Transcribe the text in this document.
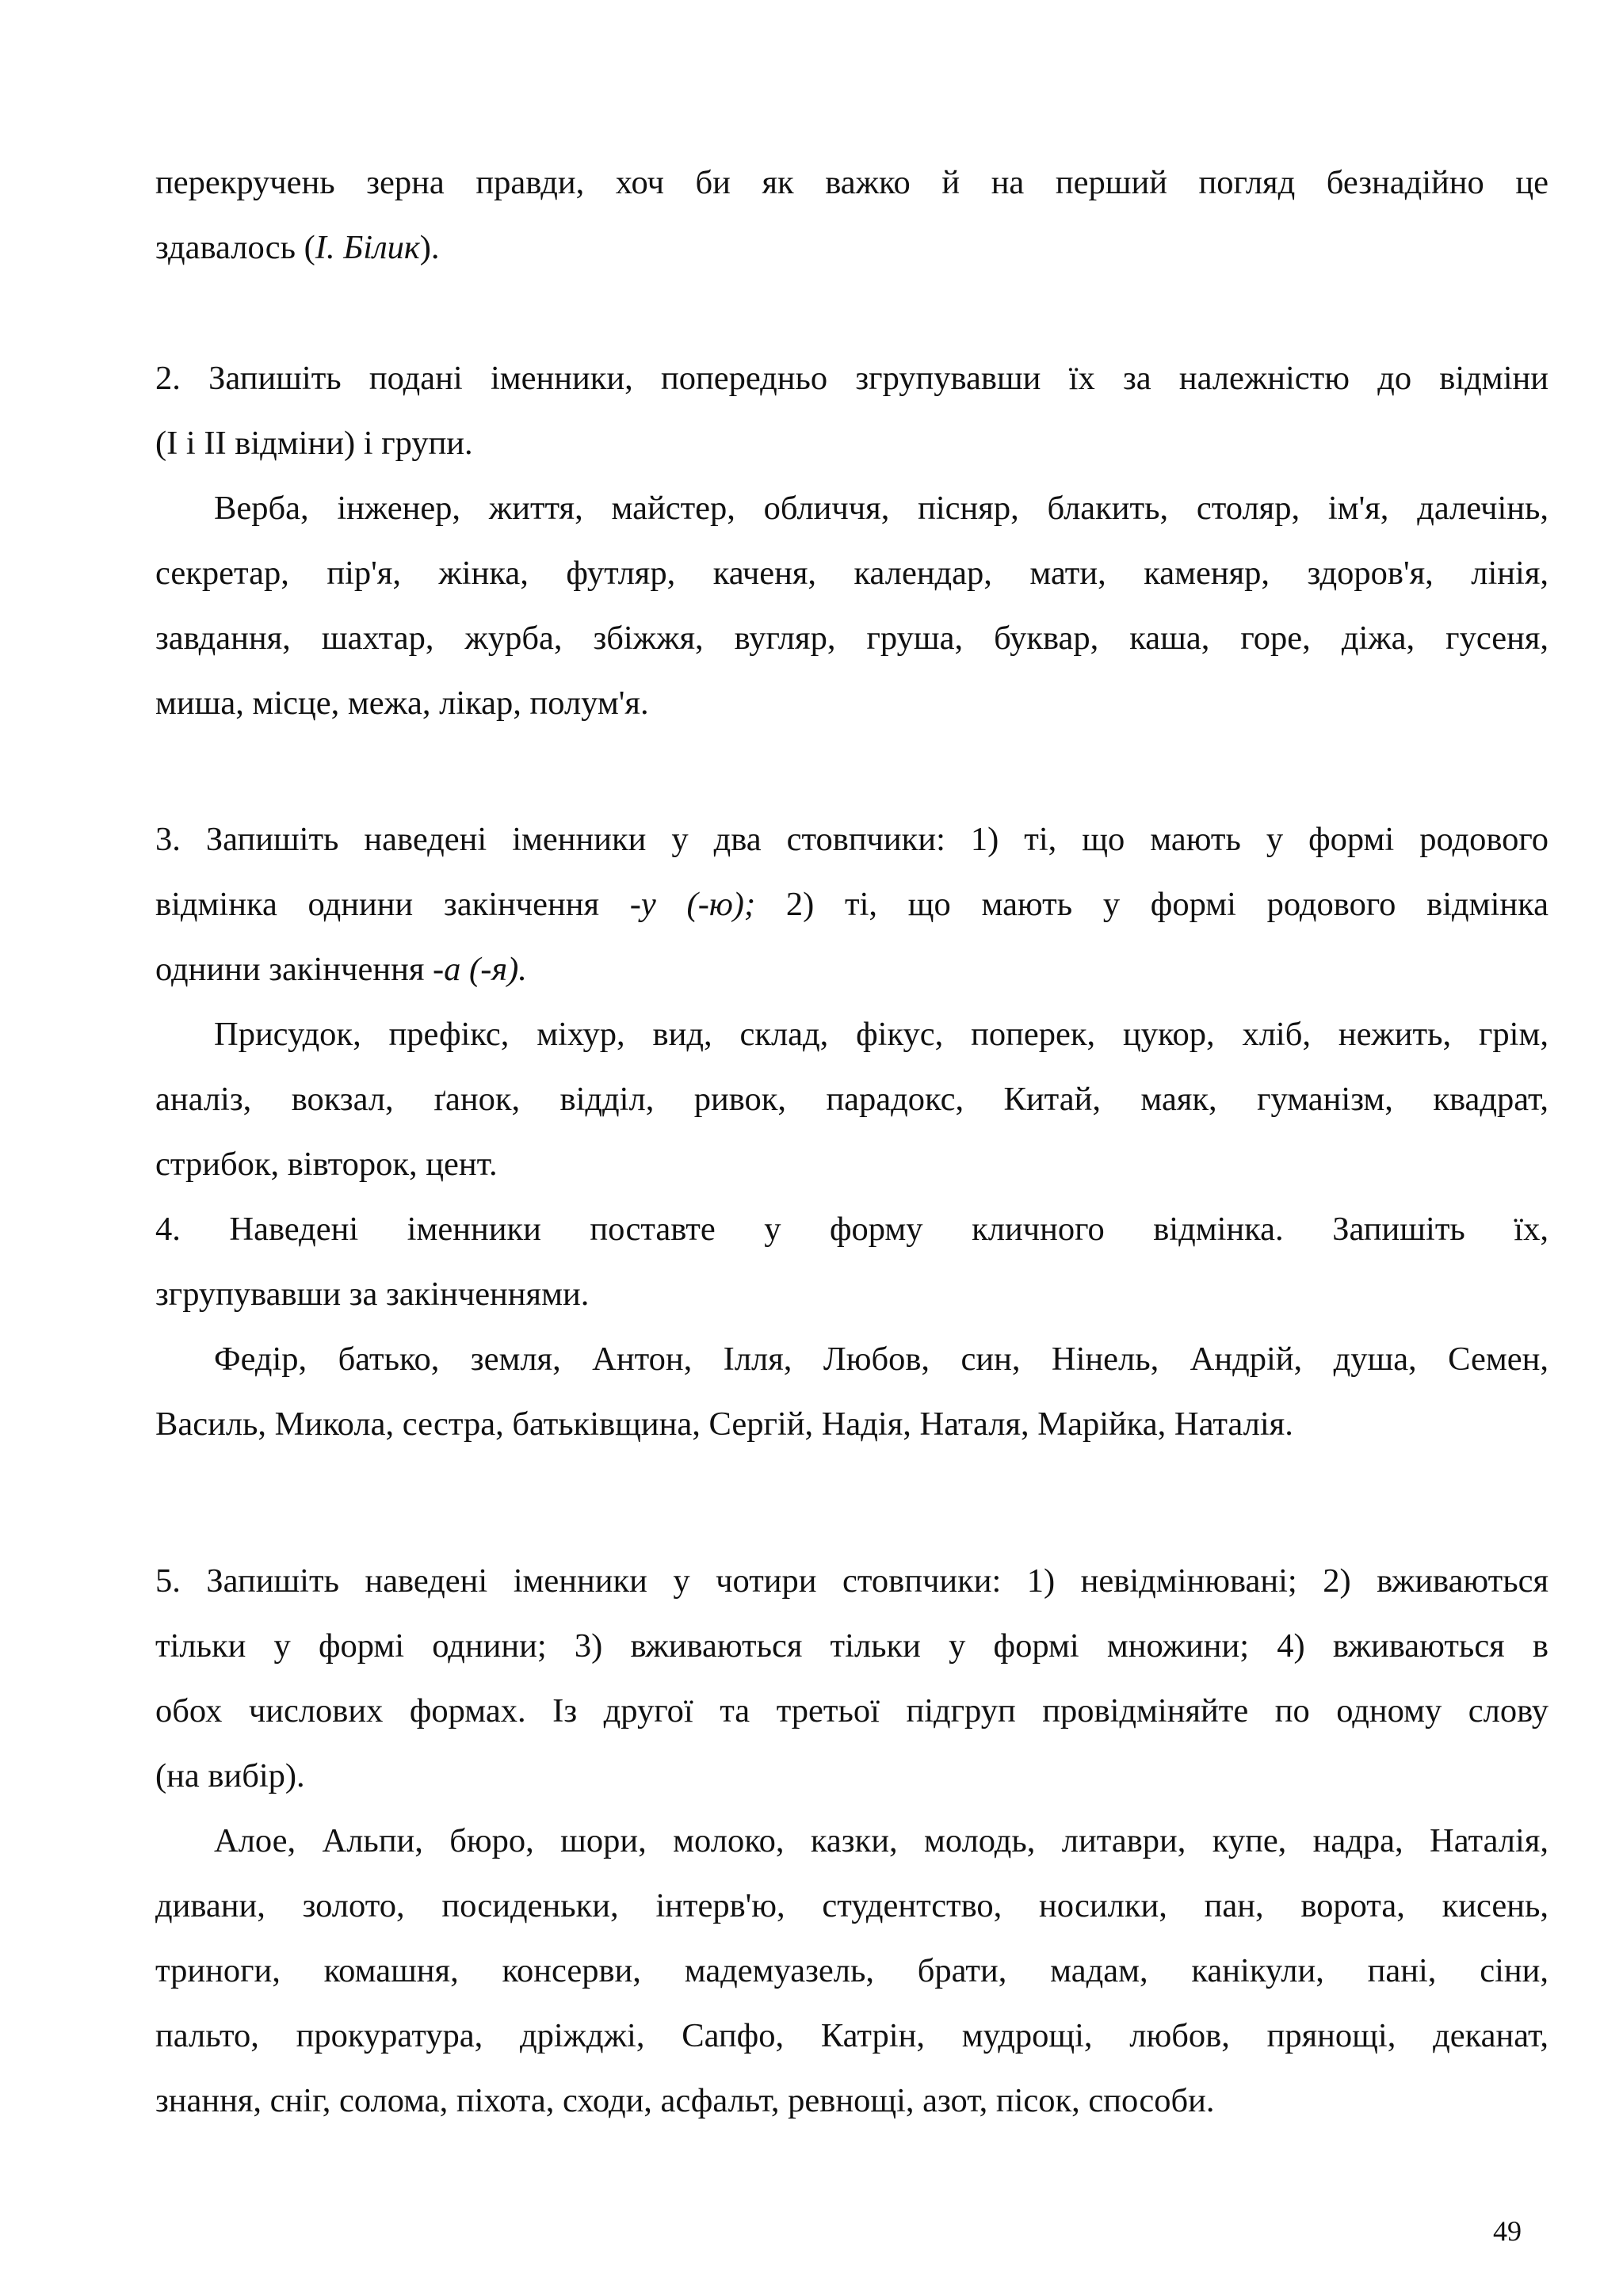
перекручень зерна правди, хоч би як важко й на перший погляд безнадійно це
здавалось (І. Білик).
2. Запишіть подані іменники, попередньо згрупувавши їх за належністю до відміни
(І і ІІ відміни) і групи.
Верба, інженер, життя, майстер, обличчя, пісняр, блакить, столяр, ім'я, далечінь,
секретар, пір'я, жінка, футляр, каченя, календар, мати, каменяр, здоров'я, лінія,
завдання, шахтар, журба, збіжжя, вугляр, груша, буквар, каша, горе, діжа, гусеня,
миша, місце, межа, лікар, полум'я.
3. Запишіть наведені іменники у два стовпчики: 1) ті, що мають у формі родового
відмінка однини закінчення -у (-ю); 2) ті, що мають у формі родового відмінка
однини закінчення -а (-я).
Присудок, префікс, міхур, вид, склад, фікус, поперек, цукор, хліб, нежить, грім,
аналіз, вокзал, ґанок, відділ, ривок, парадокс, Китай, маяк, гуманізм, квадрат,
стрибок, вівторок, цент.
4. Наведені іменники поставте у форму кличного відмінка. Запишіть їх,
згрупувавши за закінченнями.
Федір, батько, земля, Антон, Ілля, Любов, син, Нінель, Андрій, душа, Семен,
Василь, Микола, сестра, батьківщина, Сергій, Надія, Наталя, Марійка, Наталія.
5. Запишіть наведені іменники у чотири стовпчики: 1) невідмінювані; 2) вживаються
тільки у формі однини; 3) вживаються тільки у формі множини; 4) вживаються в
обох числових формах. Із другої та третьої підгруп провідміняйте по одному слову
(на вибір).
Алое, Альпи, бюро, шори, молоко, казки, молодь, литаври, купе, надра, Наталія,
дивани, золото, посиденьки, інтерв'ю, студентство, носилки, пан, ворота, кисень,
триноги, комашня, консерви, мадемуазель, брати, мадам, канікули, пані, сіни,
пальто, прокуратура, дріжджі, Сапфо, Катрін, мудрощі, любов, прянощі, деканат,
знання, сніг, солома, піхота, сходи, асфальт, ревнощі, азот, пісок, способи.
49
